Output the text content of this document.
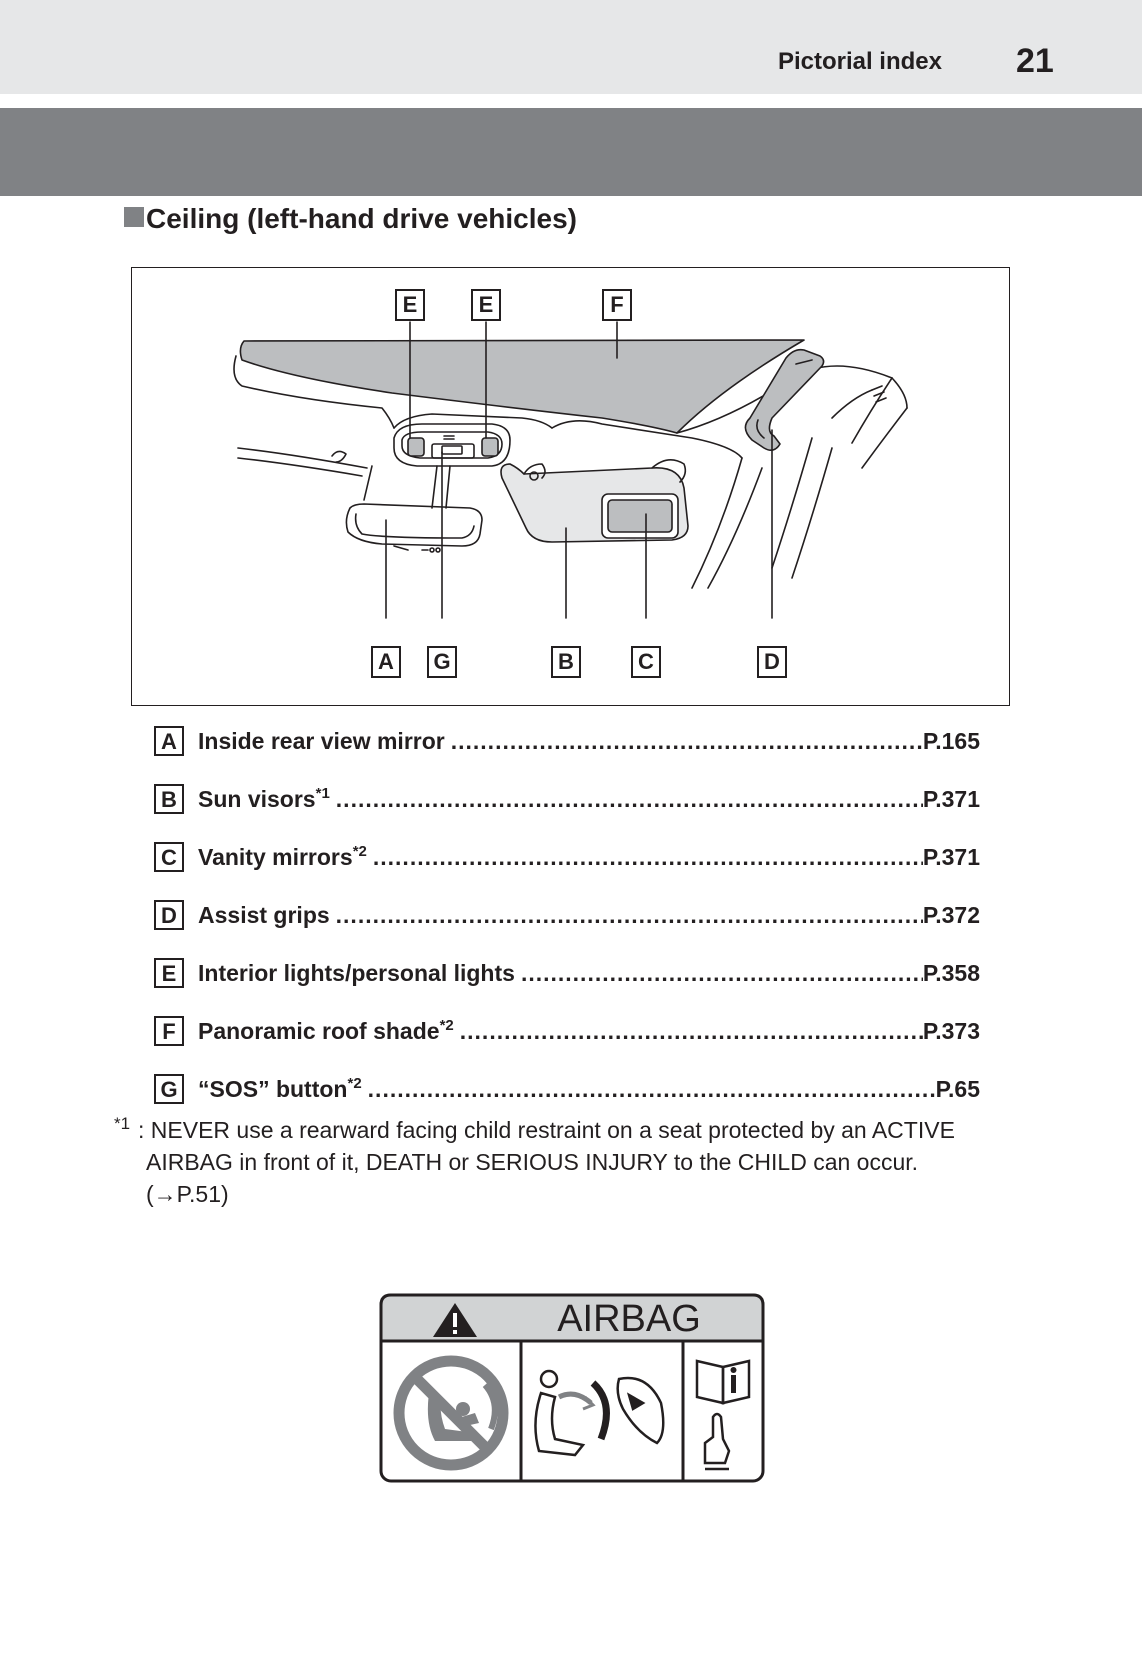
Pictorial index 21
Ceiling (left-hand drive vehicles)
E	E	F
A	G	B	C	D
A Inside rear view mirror .....	P.165
B Sun visors$^{*1}$ .....	P.371
C Vanity mirrors$^{*2}$ .....	P.371
D Assist grips .....	P.372
E Interior lights/personal lights .....	P.358
F Panoramic roof shade$^{*2}$ .....	P.373
G “SOS” button$^{*2}$ .....	P.65
*1 : NEVER use a rearward facing child restraint on a seat protected by an ACTIVE
AIRBAG in front of it, DEATH or SERIOUS INJURY to the CHILD can occur.
(→P.51)
AIRBAG
